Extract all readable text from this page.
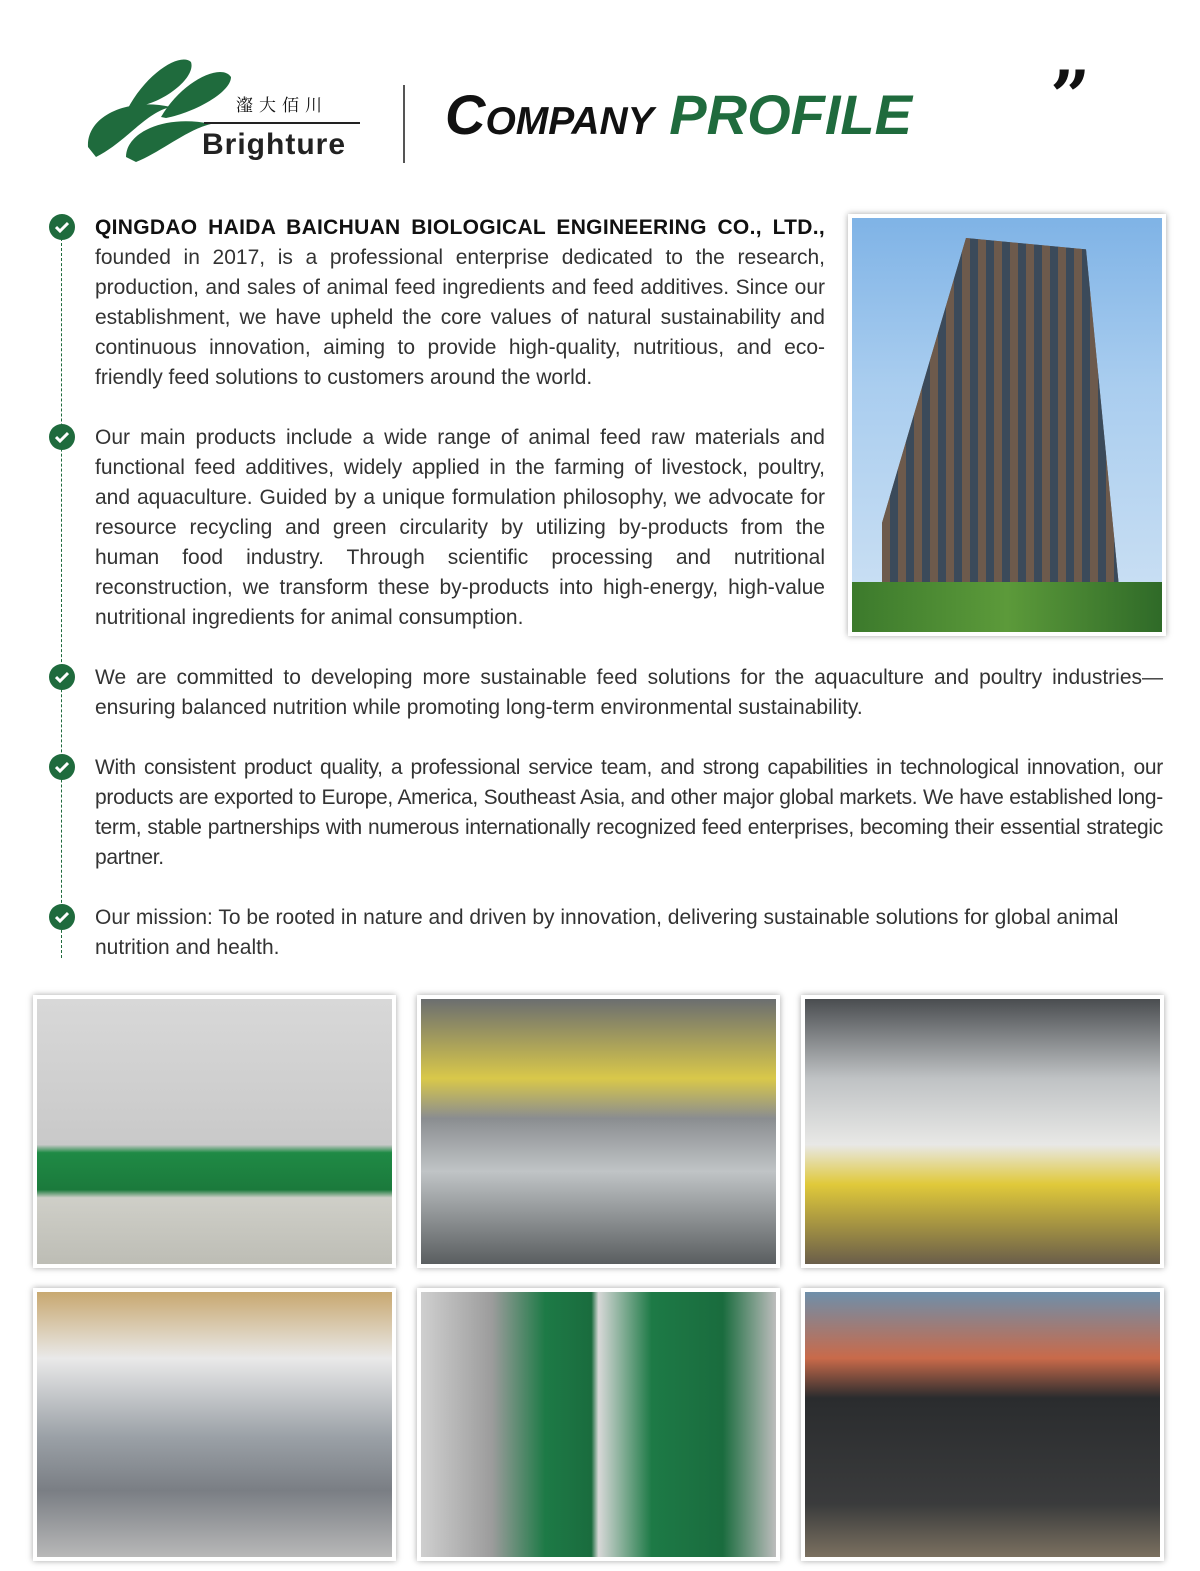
瀣大佰川
Brighture Company PROFILE ”
QINGDAO HAIDA BAICHUAN BIOLOGICAL ENGINEERING CO., LTD., founded in 2017, is a professional enterprise dedicated to the research, production, and sales of animal feed ingredients and feed additives. Since our establishment, we have upheld the core values of natural sustainability and continuous innovation, aiming to provide high-quality, nutritious, and eco-friendly feed solutions to customers around the world.
Our main products include a wide range of animal feed raw materials and functional feed additives, widely applied in the farming of livestock, poultry, and aquaculture. Guided by a unique formulation philosophy, we advocate for resource recycling and green circularity by utilizing by-products from the human food industry. Through scientific processing and nutritional reconstruction, we transform these by-products into high-energy, high-value nutritional ingredients for animal consumption.
We are committed to developing more sustainable feed solutions for the aquaculture and poultry industries—ensuring balanced nutrition while promoting long-term environmental sustainability.
With consistent product quality, a professional service team, and strong capabilities in technological innovation, our products are exported to Europe, America, Southeast Asia, and other major global markets. We have established long-term, stable partnerships with numerous internationally recognized feed enterprises, becoming their essential strategic partner.
Our mission: To be rooted in nature and driven by innovation, delivering sustainable solutions for global animal nutrition and health.
